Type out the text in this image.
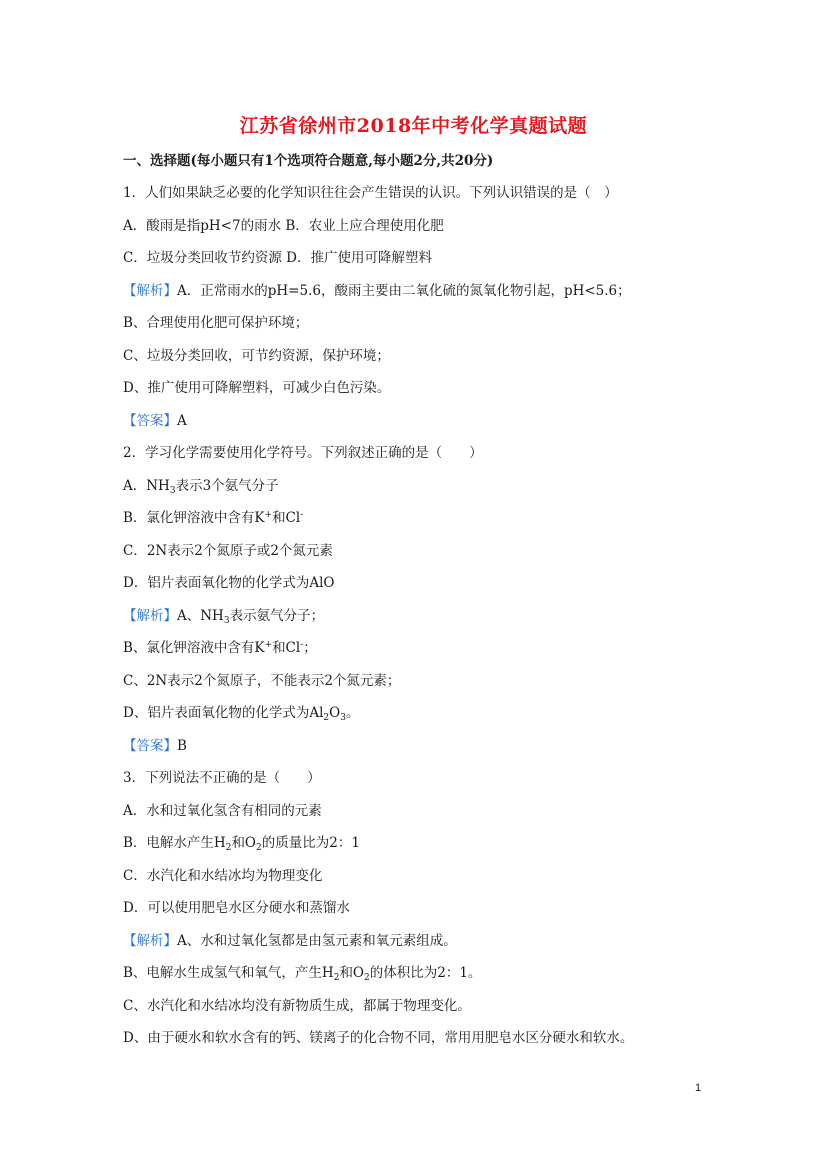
江苏省徐州市2018年中考化学真题试题
一、选择题(每小题只有1个选项符合题意,每小题2分,共20分)
1．人们如果缺乏必要的化学知识往往会产生错误的认识。下列认识错误的是（　）
A．酸雨是指pH<7的雨水 B．农业上应合理使用化肥
C．垃圾分类回收节约资源 D．推广使用可降解塑料
【解析】A．正常雨水的pH=5.6，酸雨主要由二氧化硫的氮氧化物引起，pH<5.6；
B、合理使用化肥可保护环境；
C、垃圾分类回收，可节约资源，保护环境；
D、推广使用可降解塑料，可减少白色污染。
【答案】A
2．学习化学需要使用化学符号。下列叙述正确的是（　　）
A．$NH_3$表示3个氨气分子
B．氯化钾溶液中含有K+和Cl-
C．2N表示2个氮原子或2个氮元素
D．铝片表面氧化物的化学式为AlO
【解析】A、$NH_3$表示氨气分子；
B、氯化钾溶液中含有K+和Cl-；
C、2N表示2个氮原子，不能表示2个氮元素；
D、铝片表面氧化物的化学式为$Al_2O_3$。
【答案】B
3．下列说法不正确的是（　　）
A．水和过氧化氢含有相同的元素
B．电解水产生$H_2$和$O_2$的质量比为2：1
C．水汽化和水结冰均为物理变化
D．可以使用肥皂水区分硬水和蒸馏水
【解析】A、水和过氧化氢都是由氢元素和氧元素组成。
B、电解水生成氢气和氧气，产生$H_2$和$O_2$的体积比为2：1。
C、水汽化和水结冰均没有新物质生成，都属于物理变化。
D、由于硬水和软水含有的钙、镁离子的化合物不同，常用用肥皂水区分硬水和软水。
1
